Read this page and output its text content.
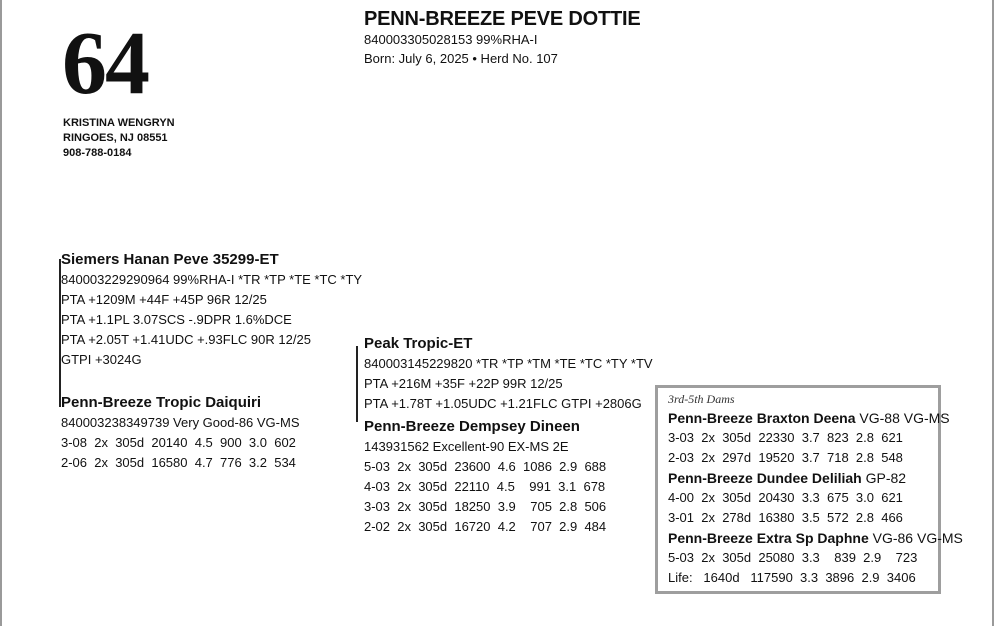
64
KRISTINA WENGRYN
RINGOES, NJ 08551
908-788-0184
PENN-BREEZE PEVE DOTTIE
840003305028153 99%RHA-I
Born: July 6, 2025 • Herd No. 107
Siemers Hanan Peve 35299-ET
840003229290964 99%RHA-I *TR *TP *TE *TC *TY
PTA +1209M +44F +45P 96R 12/25
PTA +1.1PL 3.07SCS -.9DPR 1.6%DCE
PTA +2.05T +1.41UDC +.93FLC 90R 12/25
GTPI +3024G
Penn-Breeze Tropic Daiquiri
840003238349739 Very Good-86 VG-MS
3-08  2x  305d  20140  4.5  900  3.0  602
2-06  2x  305d  16580  4.7  776  3.2  534
Peak Tropic-ET
840003145229820 *TR *TP *TM *TE *TC *TY *TV
PTA +216M +35F +22P 99R 12/25
PTA +1.78T +1.05UDC +1.21FLC GTPI +2806G
Penn-Breeze Dempsey Dineen
143931562 Excellent-90 EX-MS 2E
5-03  2x  305d  23600  4.6  1086  2.9  688
4-03  2x  305d  22110  4.5    991  3.1  678
3-03  2x  305d  18250  3.9    705  2.8  506
2-02  2x  305d  16720  4.2    707  2.9  484
3rd-5th Dams
Penn-Breeze Braxton Deena VG-88 VG-MS
3-03  2x  305d  22330  3.7  823  2.8  621
2-03  2x  297d  19520  3.7  718  2.8  548
Penn-Breeze Dundee Deliliah GP-82
4-00  2x  305d  20430  3.3  675  3.0  621
3-01  2x  278d  16380  3.5  572  2.8  466
Penn-Breeze Extra Sp Daphne VG-86 VG-MS
5-03  2x  305d  25080  3.3    839  2.9    723
Life:   1640d   117590  3.3  3896  2.9  3406
